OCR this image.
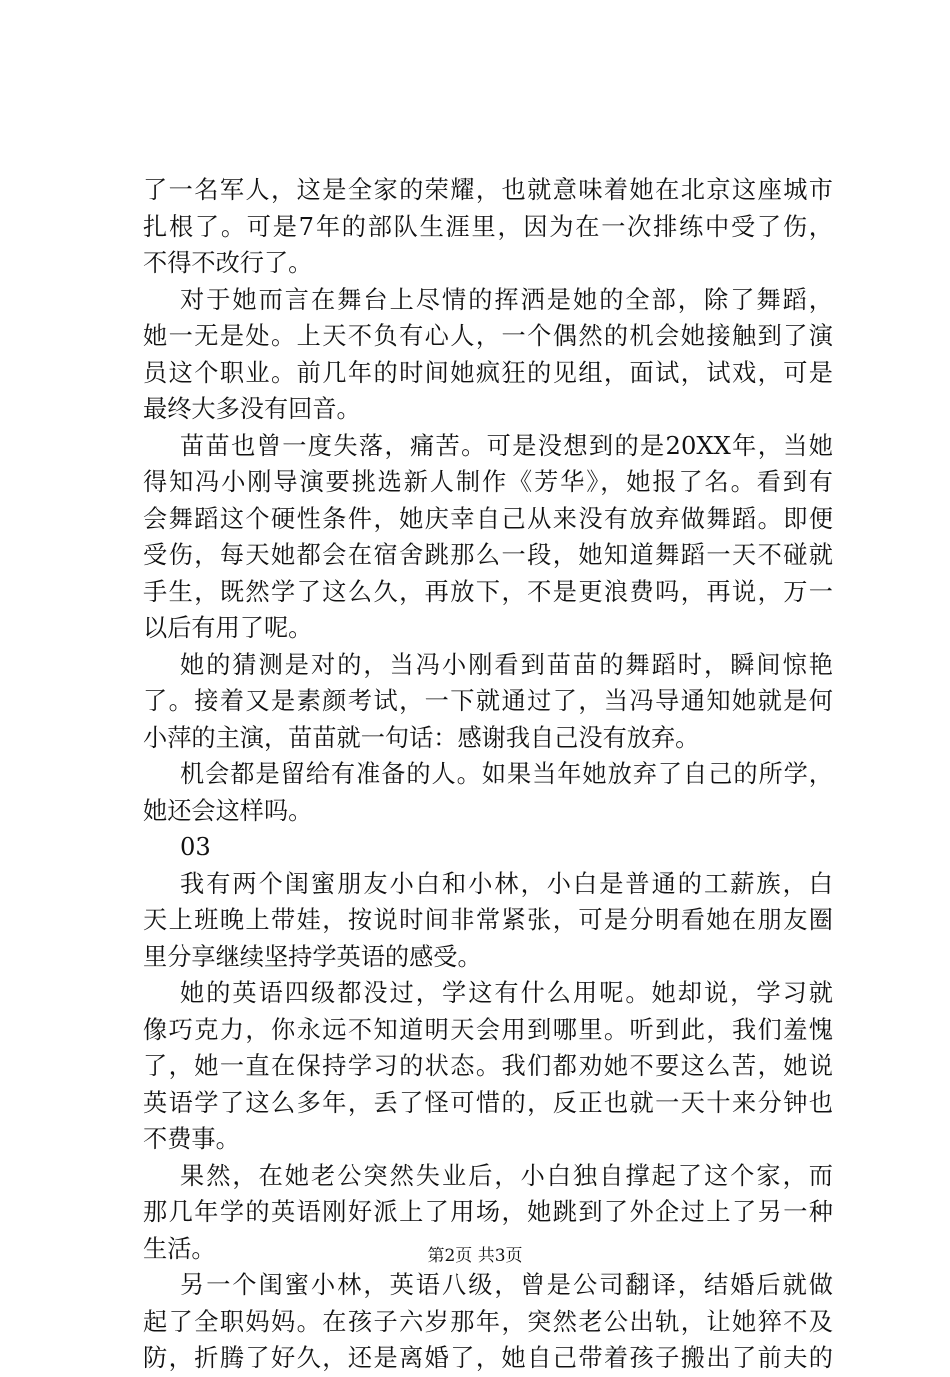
了一名军人，这是全家的荣耀，也就意味着她在北京这座城市
扎根了。可是7年的部队生涯里，因为在一次排练中受了伤，
不得不改行了。
对于她而言在舞台上尽情的挥洒是她的全部，除了舞蹈，
她一无是处。上天不负有心人，一个偶然的机会她接触到了演
员这个职业。前几年的时间她疯狂的见组，面试，试戏，可是
最终大多没有回音。
苗苗也曾一度失落，痛苦。可是没想到的是20XX年，当她
得知冯小刚导演要挑选新人制作《芳华》，她报了名。看到有
会舞蹈这个硬性条件，她庆幸自己从来没有放弃做舞蹈。即便
受伤，每天她都会在宿舍跳那么一段，她知道舞蹈一天不碰就
手生，既然学了这么久，再放下，不是更浪费吗，再说，万一
以后有用了呢。
她的猜测是对的，当冯小刚看到苗苗的舞蹈时，瞬间惊艳
了。接着又是素颜考试，一下就通过了，当冯导通知她就是何
小萍的主演，苗苗就一句话：感谢我自己没有放弃。
机会都是留给有准备的人。如果当年她放弃了自己的所学，
她还会这样吗。
03
我有两个闺蜜朋友小白和小林，小白是普通的工薪族，白
天上班晚上带娃，按说时间非常紧张，可是分明看她在朋友圈
里分享继续坚持学英语的感受。
她的英语四级都没过，学这有什么用呢。她却说，学习就
像巧克力，你永远不知道明天会用到哪里。听到此，我们羞愧
了，她一直在保持学习的状态。我们都劝她不要这么苦，她说
英语学了这么多年，丢了怪可惜的，反正也就一天十来分钟也
不费事。
果然，在她老公突然失业后，小白独自撑起了这个家，而
那几年学的英语刚好派上了用场，她跳到了外企过上了另一种
生活。
另一个闺蜜小林，英语八级，曾是公司翻译，结婚后就做
起了全职妈妈。在孩子六岁那年，突然老公出轨，让她猝不及
防，折腾了好久，还是离婚了，她自己带着孩子搬出了前夫的
第2页 共3页
